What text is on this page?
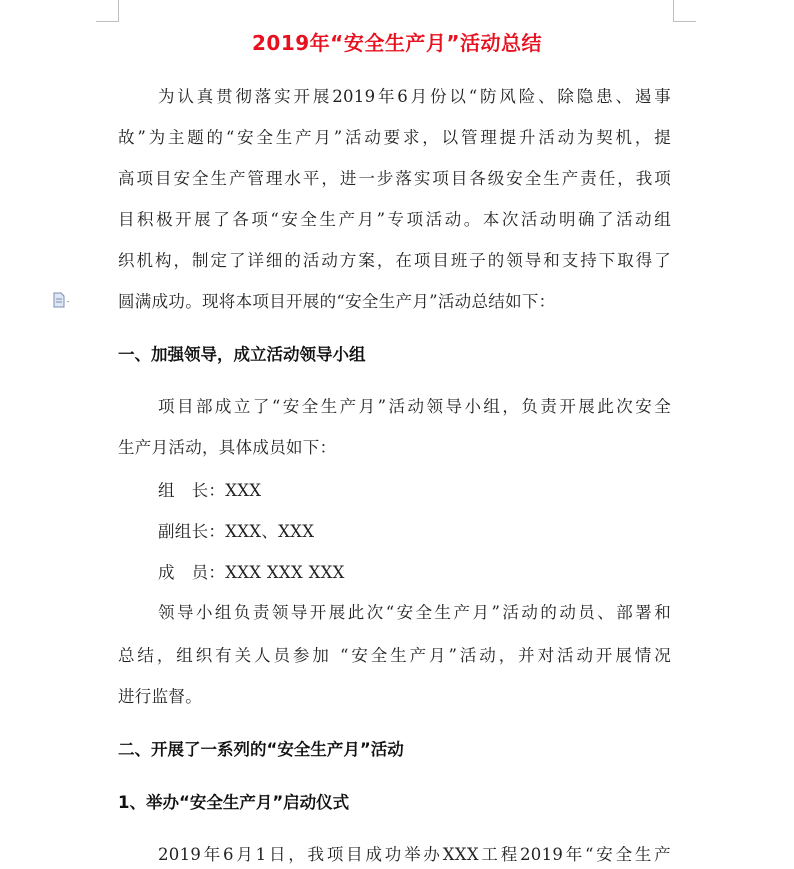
2019年“安全生产月”活动总结
为认真贯彻落实开展2019年6月份以“防风险、除隐患、遏事
故”为主题的“安全生产月”活动要求，以管理提升活动为契机，提
高项目安全生产管理水平，进一步落实项目各级安全生产责任，我项
目积极开展了各项“安全生产月”专项活动。本次活动明确了活动组
织机构，制定了详细的活动方案，在项目班子的领导和支持下取得了
圆满成功。现将本项目开展的“安全生产月”活动总结如下：
一、加强领导，成立活动领导小组
项目部成立了“安全生产月”活动领导小组，负责开展此次安全
生产月活动，具体成员如下：
组　长：XXX
副组长：XXX、XXX
成　员：XXX XXX XXX
领导小组负责领导开展此次“安全生产月”活动的动员、部署和
总结，组织有关人员参加 “安全生产月”活动，并对活动开展情况
进行监督。
二、开展了一系列的“安全生产月”活动
1、举办“安全生产月”启动仪式
2019年6月1日，我项目成功举办XXX工程2019年“安全生产
